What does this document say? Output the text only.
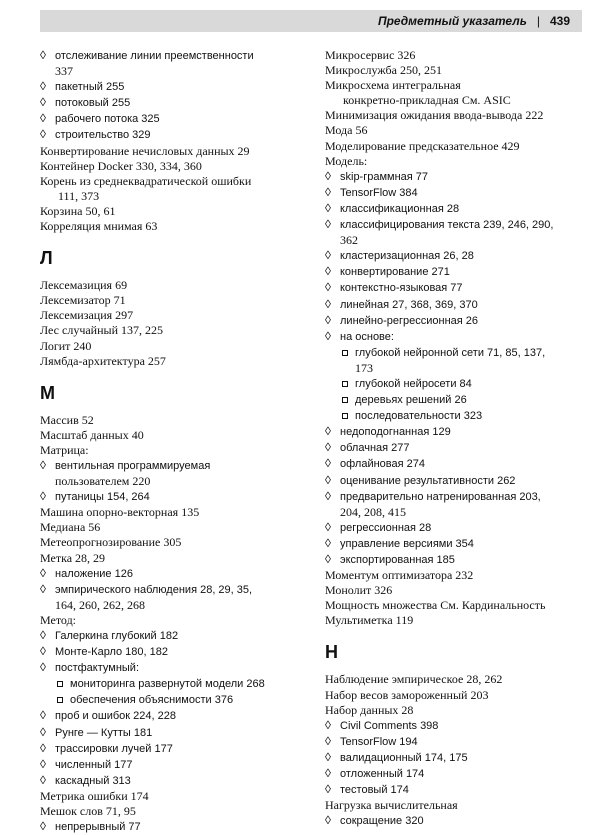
Предметный указатель | 439
◊ отслеживание линии преемственности
337
◊ пакетный 255
◊ потоковый 255
◊ рабочего потока 325
◊ строительство 329
Конвертирование нечисловых данных 29
Контейнер Docker 330, 334, 360
Корень из среднеквадратической ошибки
111, 373
Корзина 50, 61
Корреляция мнимая 63
Л
Лексемазиция 69
Лексемизатор 71
Лексемизация 297
Лес случайный 137, 225
Логит 240
Лямбда-архитектура 257
М
Массив 52
Масштаб данных 40
Матрица:
◊ вентильная программируемая
пользователем 220
◊ путаницы 154, 264
Машина опорно-векторная 135
Медиана 56
Метеопрогнозирование 305
Метка 28, 29
◊ наложение 126
◊ эмпирического наблюдения 28, 29, 35,
164, 260, 262, 268
Метод:
◊ Галеркина глубокий 182
◊ Монте-Карло 180, 182
◊ постфактумный:
мониторинга развернутой модели 268
обеспечения объяснимости 376
◊ проб и ошибок 224, 228
◊ Рунге — Кутты 181
◊ трассировки лучей 177
◊ численный 177
◊ каскадный 313
Метрика ошибки 174
Мешок слов 71, 95
◊ непрерывный 77
Микросервис 326
Микрослужба 250, 251
Микросхема интегральная
конкретно-прикладная См. ASIC
Минимизация ожидания ввода-вывода 222
Мода 56
Моделирование предсказательное 429
Модель:
◊ skip-граммная 77
◊ TensorFlow 384
◊ классификационная 28
◊ классифицирования текста 239, 246, 290,
362
◊ кластеризационная 26, 28
◊ конвертирование 271
◊ контекстно-языковая 77
◊ линейная 27, 368, 369, 370
◊ линейно-регрессионная 26
◊ на основе:
глубокой нейронной сети 71, 85, 137,
173
глубокой нейросети 84
деревьях решений 26
последовательности 323
◊ недоподогнанная 129
◊ облачная 277
◊ офлайновая 274
◊ оценивание результативности 262
◊ предварительно натренированная 203,
204, 208, 415
◊ регрессионная 28
◊ управление версиями 354
◊ экспортированная 185
Моментум оптимизатора 232
Монолит 326
Мощность множества См. Кардинальность
Мультиметка 119
Н
Наблюдение эмпирическое 28, 262
Набор весов замороженный 203
Набор данных 28
◊ Civil Comments 398
◊ TensorFlow 194
◊ валидационный 174, 175
◊ отложенный 174
◊ тестовый 174
Нагрузка вычислительная
◊ сокращение 320
